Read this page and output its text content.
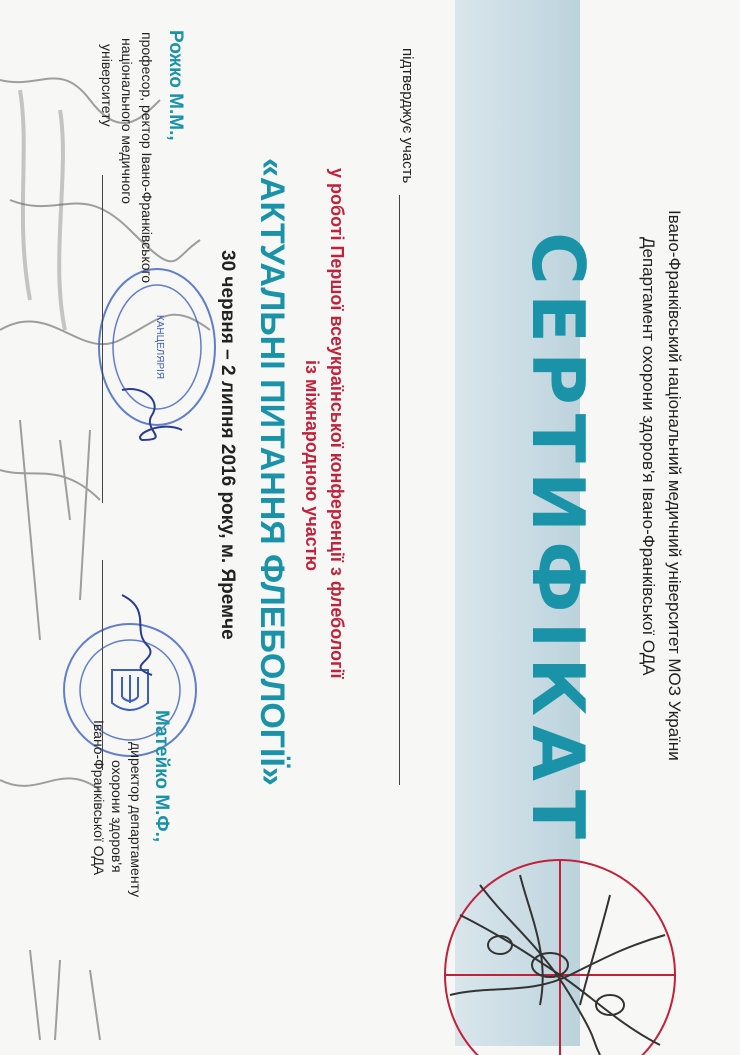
КАНЦЕЛЯРІЯ	Івано-Франківський національний медичний університет МОЗ України
Департамент охорони здоров'я Івано-Франківської ОДА
СЕРТИФІКАТ
підтверджує участь
у роботі Першої всеукраїнської конференції з флебології
із міжнародною участю
«АКТУАЛЬНІ ПИТАННЯ ФЛЕБОЛОГІЇ»
30 червня – 2 липня 2016 року, м. Яремче
Рожко М.М.,
професор, ректор Івано-Франківського
національного медичного
університету
Матейко М.Ф.,
директор департаменту
охорони здоров'я
Івано-Франківської ОДА
